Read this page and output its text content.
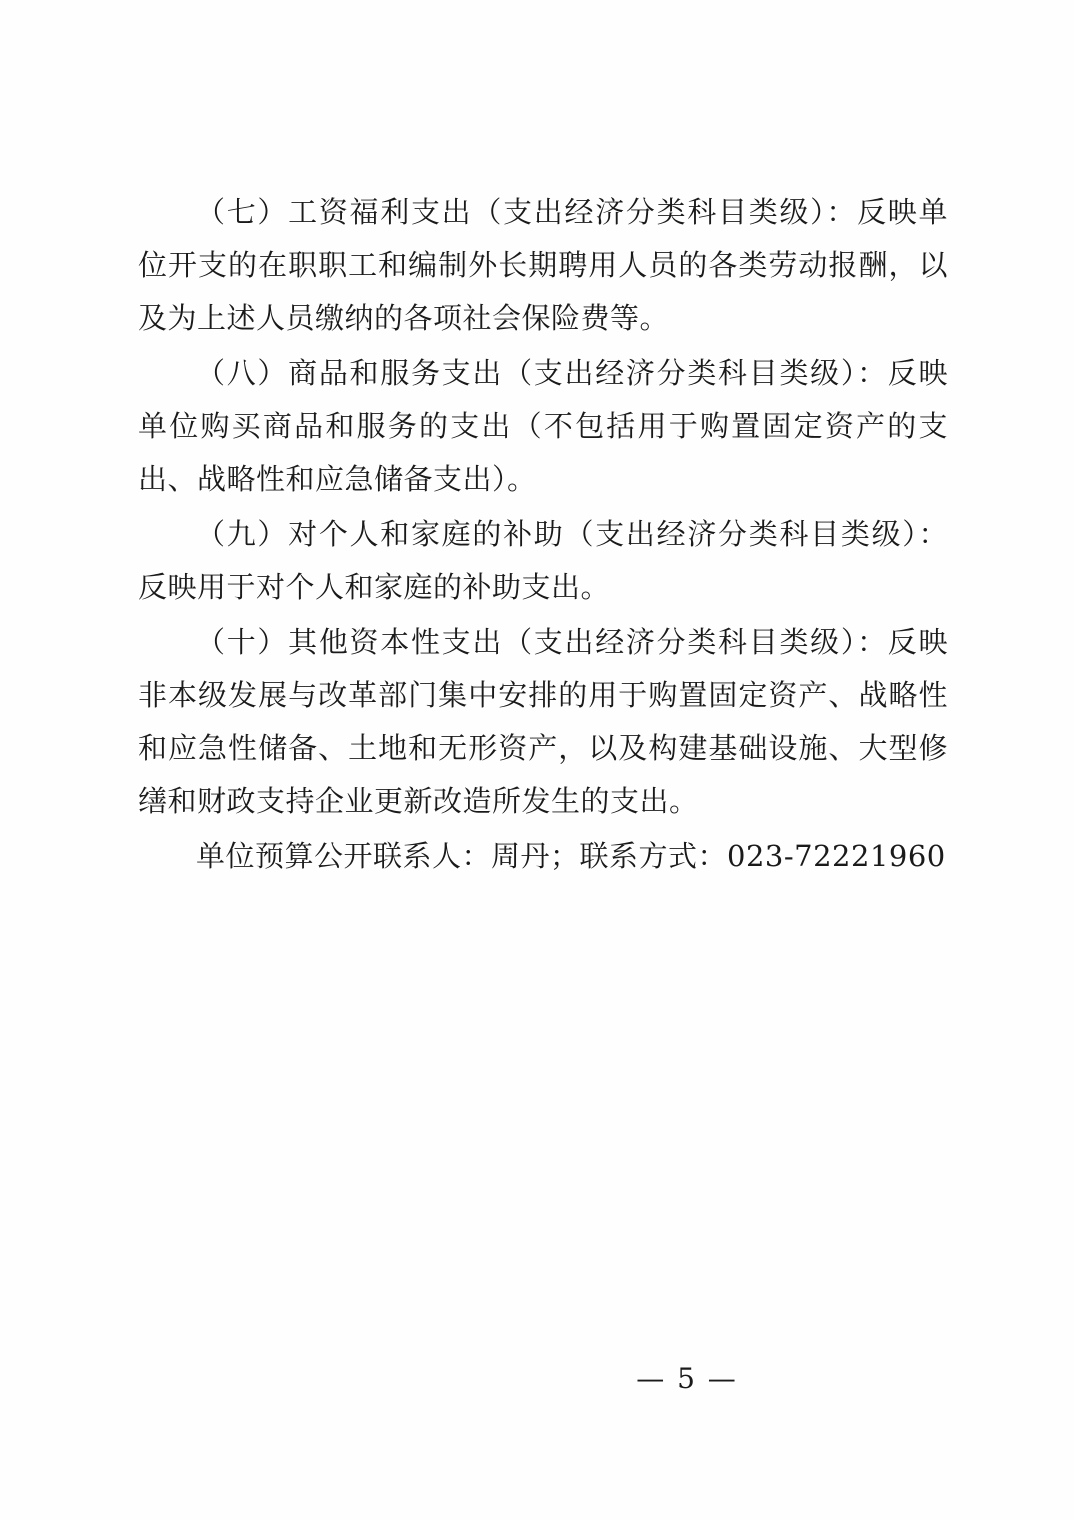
（七）工资福利支出（支出经济分类科目类级）：反映单位开支的在职职工和编制外长期聘用人员的各类劳动报酬，以及为上述人员缴纳的各项社会保险费等。

（八）商品和服务支出（支出经济分类科目类级）：反映单位购买商品和服务的支出（不包括用于购置固定资产的支出、战略性和应急储备支出）。

（九）对个人和家庭的补助（支出经济分类科目类级）：反映用于对个人和家庭的补助支出。

（十）其他资本性支出（支出经济分类科目类级）：反映非本级发展与改革部门集中安排的用于购置固定资产、战略性和应急性储备、土地和无形资产，以及构建基础设施、大型修缮和财政支持企业更新改造所发生的支出。

单位预算公开联系人：周丹；联系方式：023-72221960

— 5 —
